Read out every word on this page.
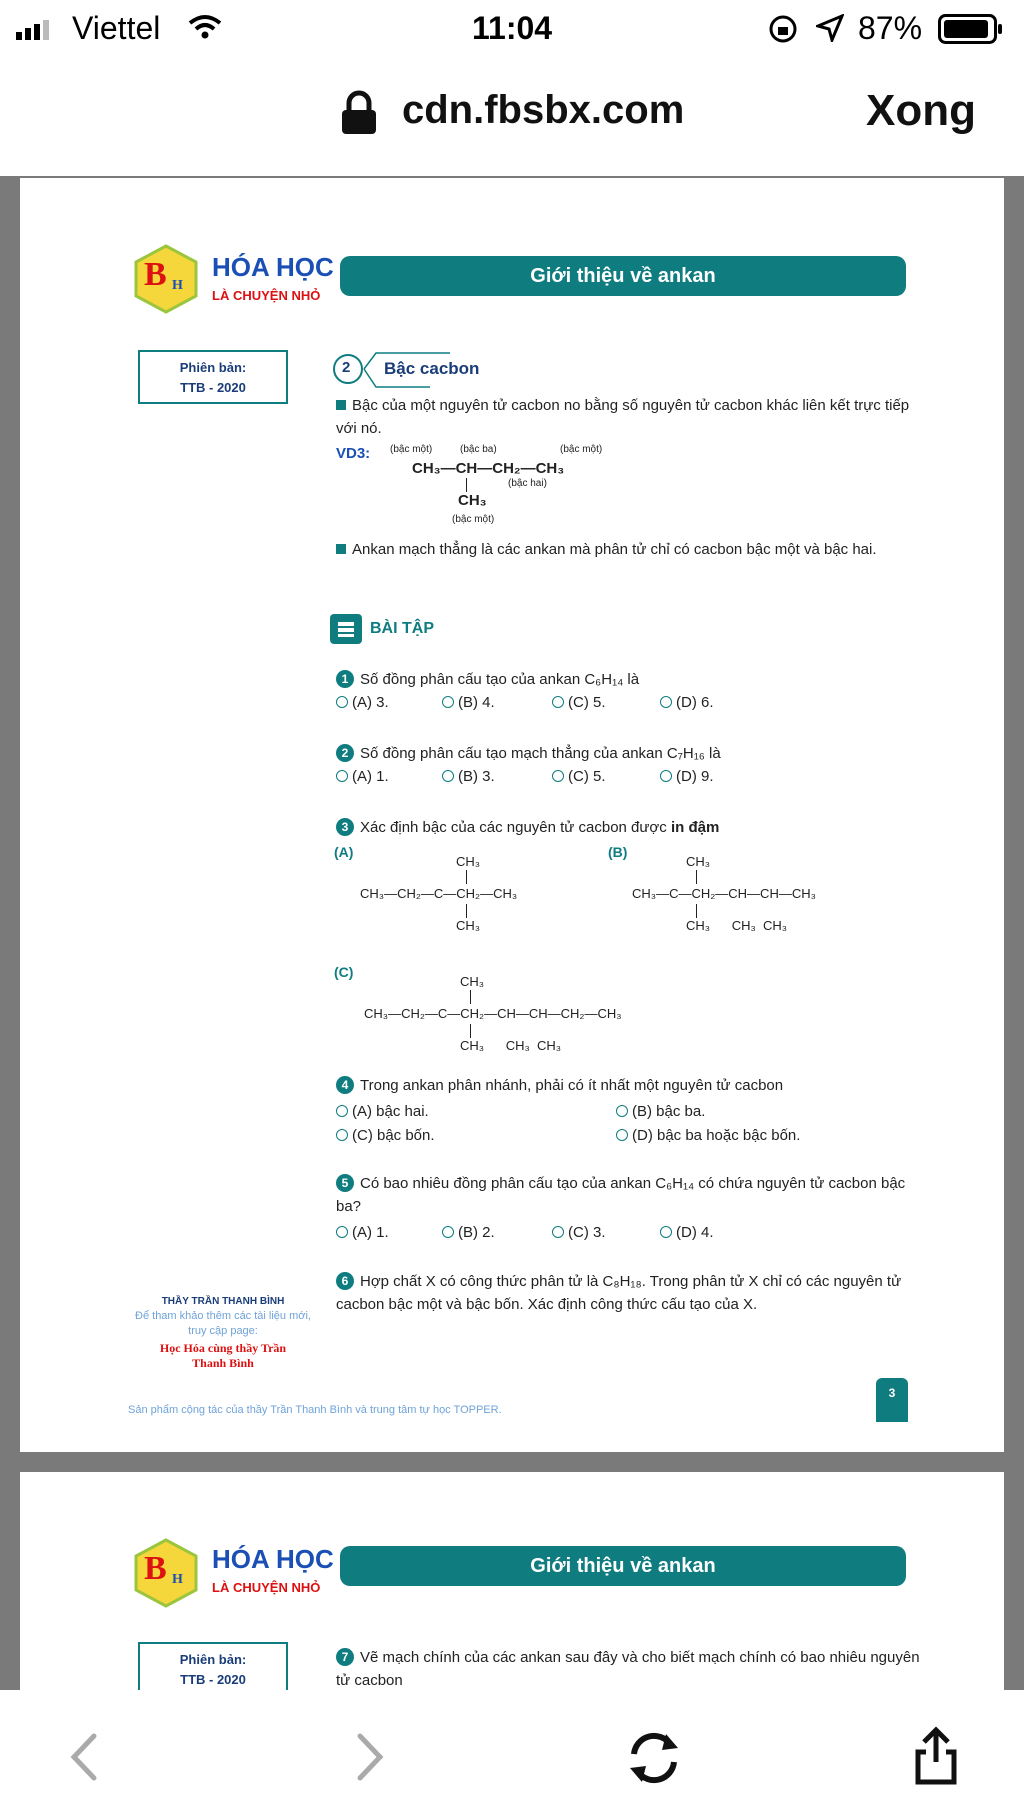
Viettel	11:04	87%
cdn.fbsbx.com	Xong
B H
HÓA HỌC
LÀ CHUYỆN NHỎ
Giới thiệu về ankan
Phiên bản:
TTB - 2020
2 Bậc cacbon
Bậc của một nguyên tử cacbon no bằng số nguyên tử cacbon khác liên kết trực tiếp với nó.
VD3: (bậc một)	(bậc ba)	(bậc một)
CH₃—CH—CH₂—CH₃
(bậc hai)
CH₃
(bậc một)
Ankan mạch thẳng là các ankan mà phân tử chỉ có cacbon bậc một và bậc hai.
BÀI TẬP
1 Số đồng phân cấu tạo của ankan C₆H₁₄ là
(A) 3.	(B) 4.	(C) 5.	(D) 6.
2 Số đồng phân cấu tạo mạch thẳng của ankan C₇H₁₆ là
(A) 1.	(B) 3.	(C) 5.	(D) 9.
3 Xác định bậc của các nguyên tử cacbon được in đậm
(A)
CH₃
CH₃—CH₂—C—CH₂—CH₃
CH₃
(B)
CH₃
CH₃—C—CH₂—CH—CH—CH₃
CH₃      CH₃  CH₃
(C)
CH₃
CH₃—CH₂—C—CH₂—CH—CH—CH₂—CH₃
CH₃      CH₃  CH₃
4 Trong ankan phân nhánh, phải có ít nhất một nguyên tử cacbon
(A) bậc hai.	(B) bậc ba.
(C) bậc bốn.	(D) bậc ba hoặc bậc bốn.
5 Có bao nhiêu đồng phân cấu tạo của ankan C₆H₁₄ có chứa nguyên tử cacbon bậc ba?
(A) 1.	(B) 2.	(C) 3.	(D) 4.
6 Hợp chất X có công thức phân tử là C₈H₁₈. Trong phân tử X chỉ có các nguyên tử cacbon bậc một và bậc bốn. Xác định công thức cấu tạo của X.
THẦY TRẦN THANH BÌNH
Để tham khảo thêm các tài liệu mới, truy cập page:
Học Hóa cùng thầy Trần Thanh Bình
Sản phẩm cộng tác của thầy Trần Thanh Bình và trung tâm tự học TOPPER.
3
B H
HÓA HỌC
LÀ CHUYỆN NHỎ
Giới thiệu về ankan
Phiên bản:
TTB - 2020
7 Vẽ mạch chính của các ankan sau đây và cho biết mạch chính có bao nhiêu nguyên tử cacbon
